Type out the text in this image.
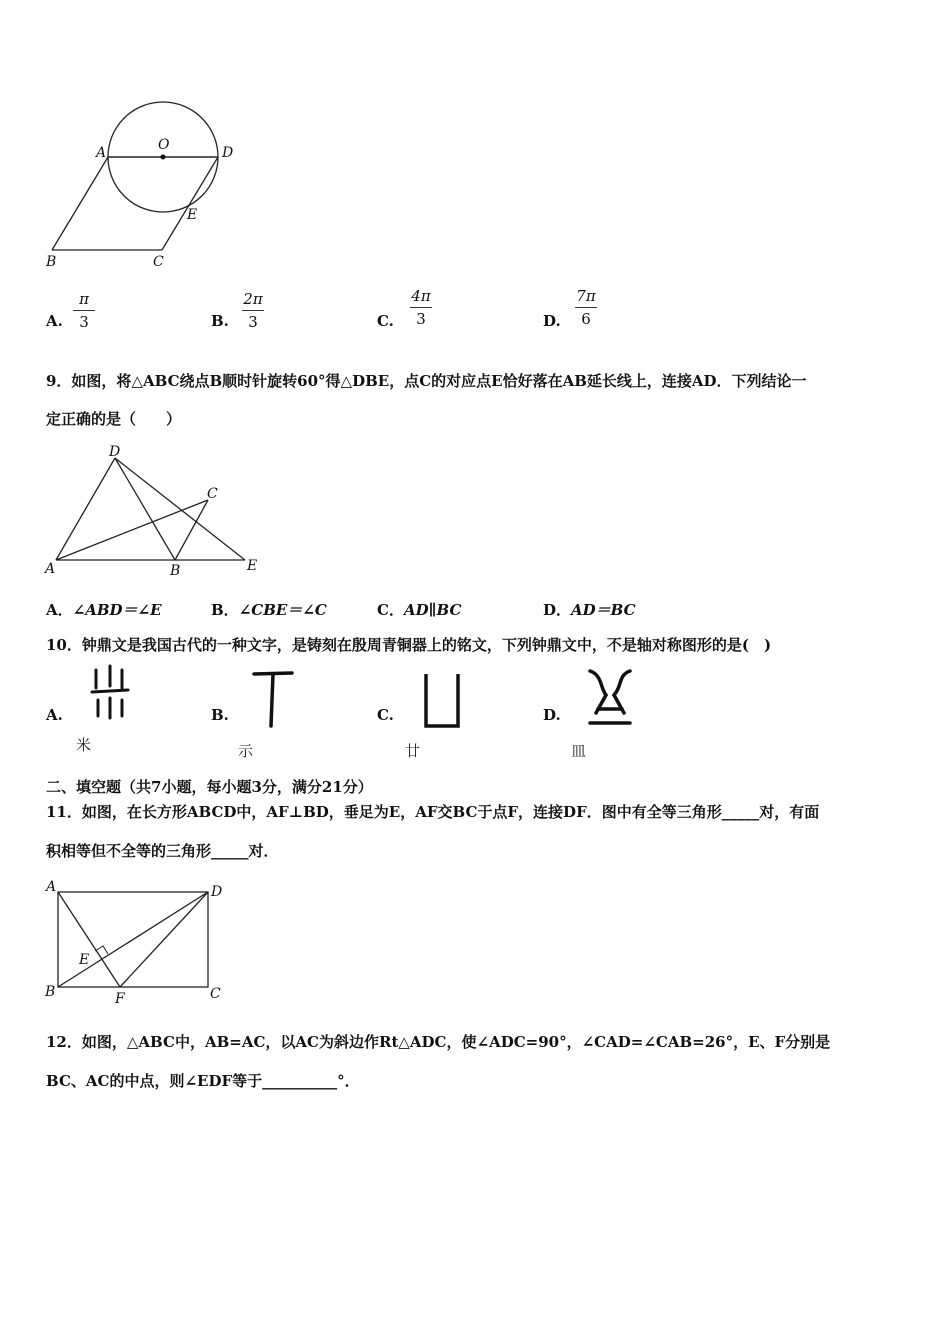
A	O	D
E
B	C
A.
π
3	B.
2π
3	C.
4π
3	D.
7π
6
9．如图，将△ABC绕点B顺时针旋转60°得△DBE，点C的对应点E恰好落在AB延长线上，连接AD．下列结论一
定正确的是（　　）
D
C
A	B	E
A．∠ABD＝∠E	B．∠CBE＝∠C	C．AD∥BC	D．AD＝BC
10．钟鼎文是我国古代的一种文字，是铸刻在殷周青铜器上的铭文，下列钟鼎文中，不是轴对称图形的是(　)
A.
米
B.
示
C.
廿
D.
皿
二、填空题（共7小题，每小题3分，满分21分）
11．如图，在长方形ABCD中，AF⊥BD，垂足为E，AF交BC于点F，连接DF．图中有全等三角形_____对，有面
积相等但不全等的三角形_____对．
A	D
E
B	F	C
12．如图，△ABC中，AB=AC，以AC为斜边作Rt△ADC，使∠ADC=90°，∠CAD=∠CAB=26°，E、F分别是
BC、AC的中点，则∠EDF等于__________°．
